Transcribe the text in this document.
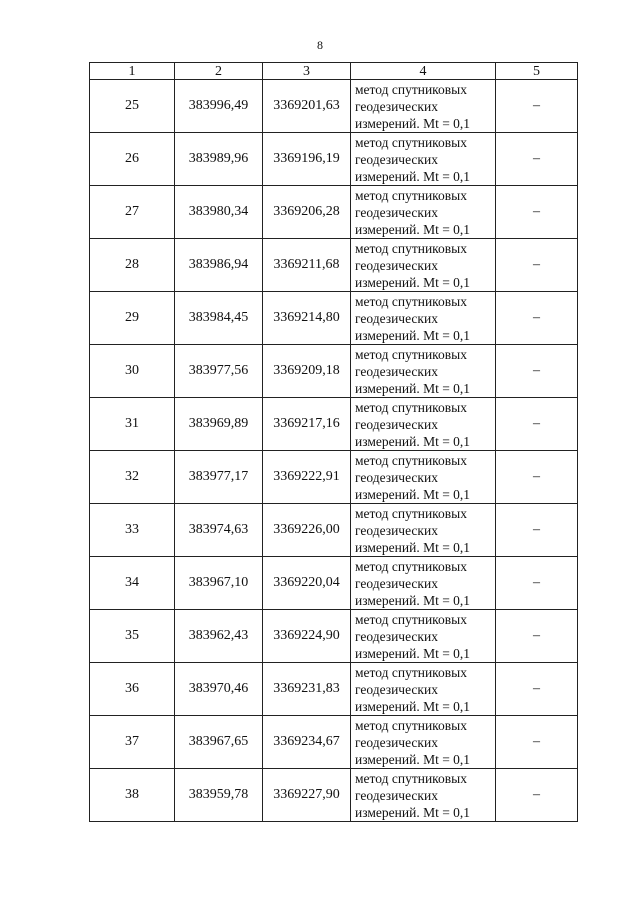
8
1	2	3	4	5
25	383996,49	3369201,63	метод спутниковых
геодезических
измерений. Mt = 0,1	–
26	383989,96	3369196,19	метод спутниковых
геодезических
измерений. Mt = 0,1	–
27	383980,34	3369206,28	метод спутниковых
геодезических
измерений. Mt = 0,1	–
28	383986,94	3369211,68	метод спутниковых
геодезических
измерений. Mt = 0,1	–
29	383984,45	3369214,80	метод спутниковых
геодезических
измерений. Mt = 0,1	–
30	383977,56	3369209,18	метод спутниковых
геодезических
измерений. Mt = 0,1	–
31	383969,89	3369217,16	метод спутниковых
геодезических
измерений. Mt = 0,1	–
32	383977,17	3369222,91	метод спутниковых
геодезических
измерений. Mt = 0,1	–
33	383974,63	3369226,00	метод спутниковых
геодезических
измерений. Mt = 0,1	–
34	383967,10	3369220,04	метод спутниковых
геодезических
измерений. Mt = 0,1	–
35	383962,43	3369224,90	метод спутниковых
геодезических
измерений. Mt = 0,1	–
36	383970,46	3369231,83	метод спутниковых
геодезических
измерений. Mt = 0,1	–
37	383967,65	3369234,67	метод спутниковых
геодезических
измерений. Mt = 0,1	–
38	383959,78	3369227,90	метод спутниковых
геодезических
измерений. Mt = 0,1	–
